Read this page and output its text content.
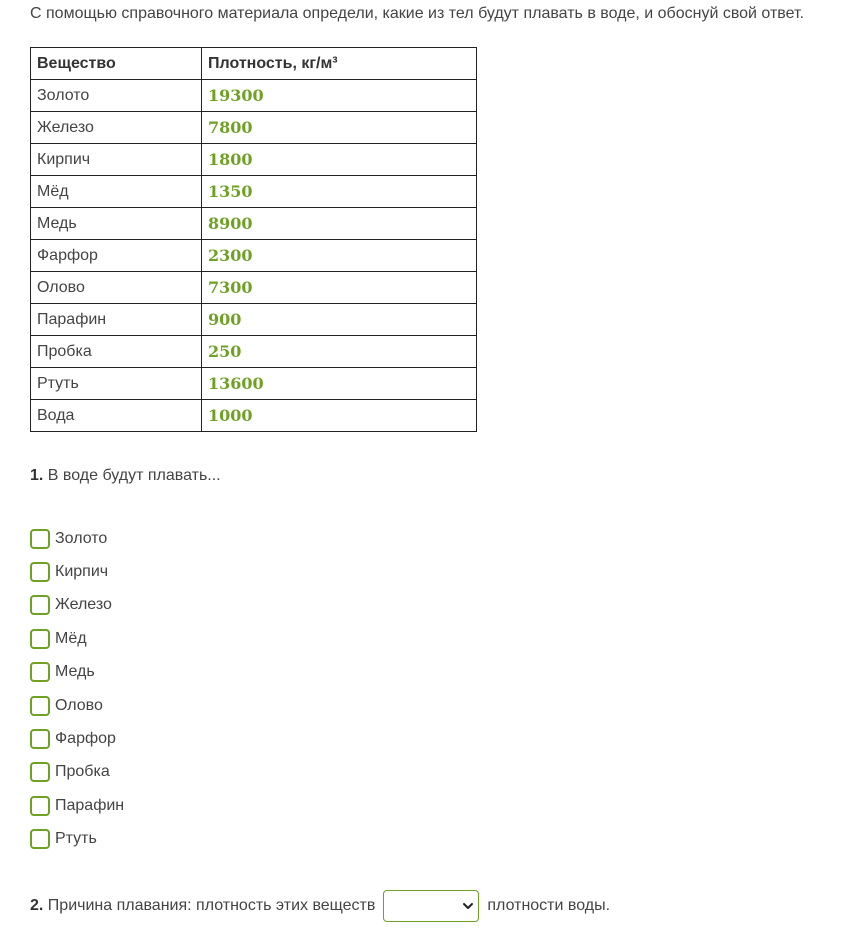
С помощью справочного материала определи, какие из тел будут плавать в воде, и обоснуй свой ответ.
Вещество	Плотность, кг/м³
Золото	19300
Железо	7800
Кирпич	1800
Мёд	1350
Медь	8900
Фарфор	2300
Олово	7300
Парафин	900
Пробка	250
Ртуть	13600
Вода	1000
1. В воде будут плавать...
Золото
Кирпич
Железо
Мёд
Медь
Олово
Фарфор
Пробка
Парафин
Ртуть
2.
Причина плавания: плотность этих веществ	плотности воды.
